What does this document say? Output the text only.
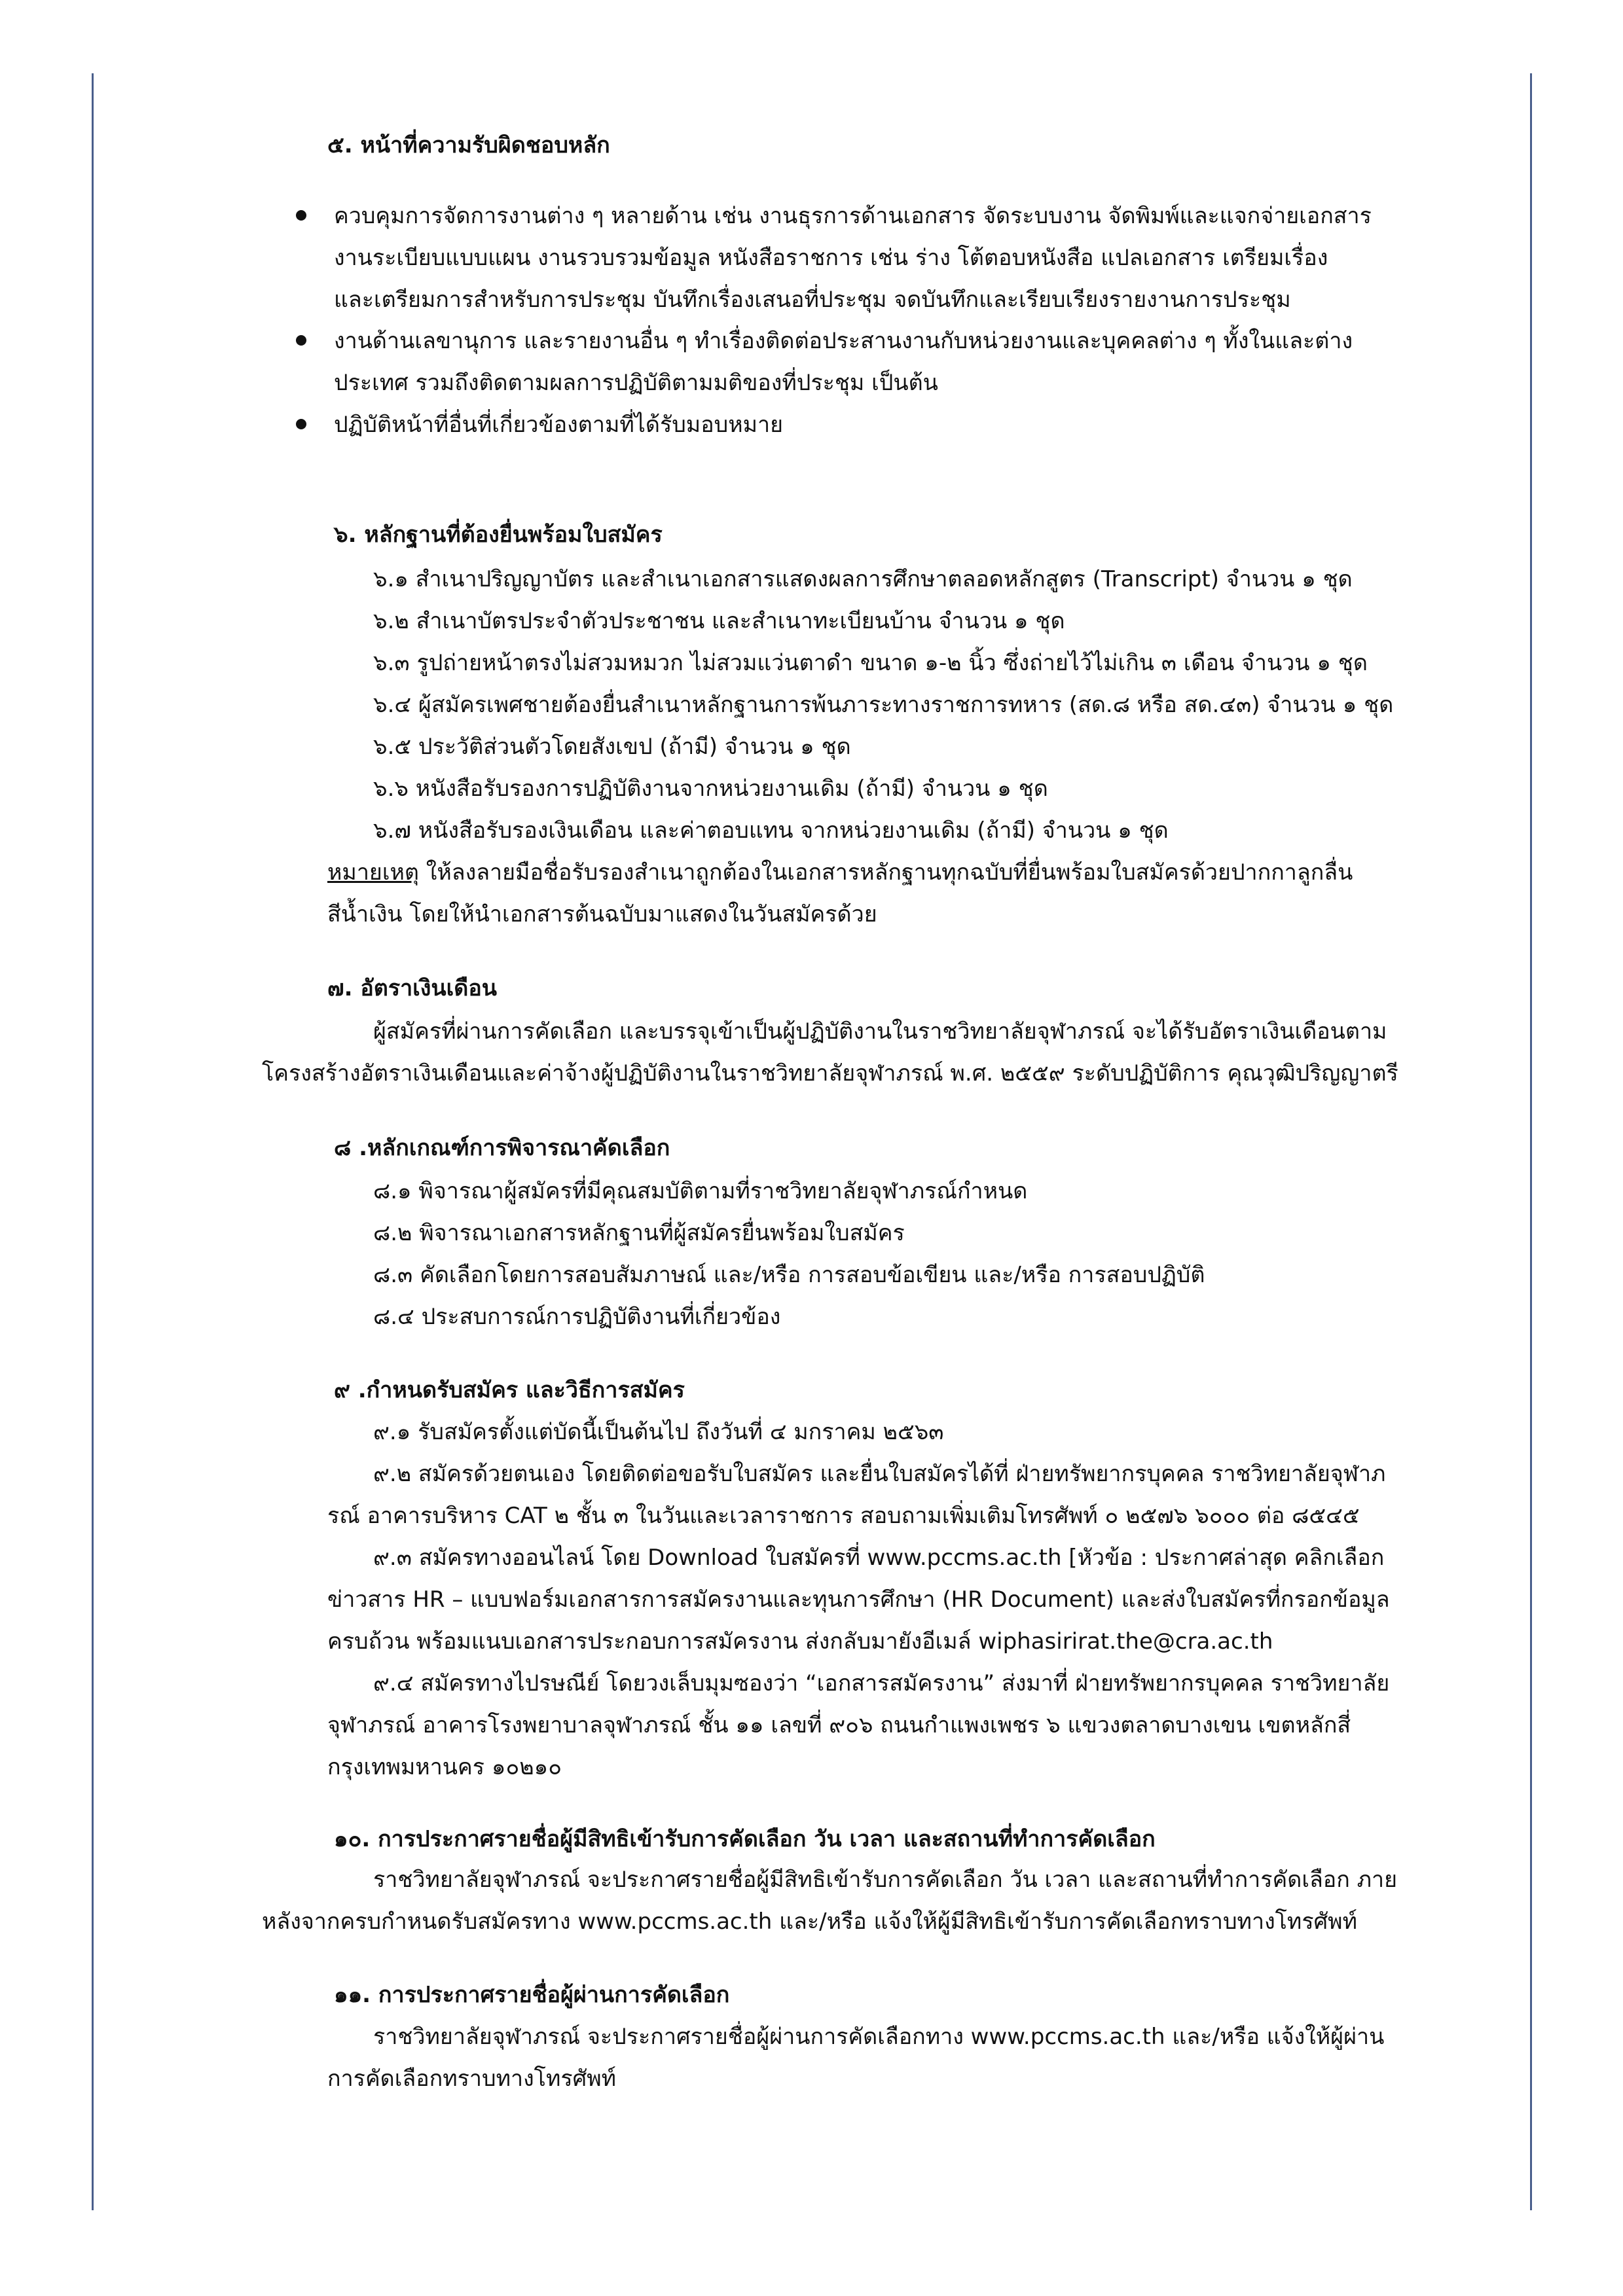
๕. หน้าที่ความรับผิดชอบหลัก
ควบคุมการจัดการงานต่าง ๆ หลายด้าน เช่น งานธุรการด้านเอกสาร จัดระบบงาน จัดพิมพ์และแจกจ่ายเอกสาร
งานระเบียบแบบแผน งานรวบรวมข้อมูล หนังสือราชการ เช่น ร่าง โต้ตอบหนังสือ แปลเอกสาร เตรียมเรื่อง
และเตรียมการสำหรับการประชุม บันทึกเรื่องเสนอที่ประชุม จดบันทึกและเรียบเรียงรายงานการประชุม
งานด้านเลขานุการ และรายงานอื่น ๆ ทำเรื่องติดต่อประสานงานกับหน่วยงานและบุคคลต่าง ๆ ทั้งในและต่าง
ประเทศ รวมถึงติดตามผลการปฏิบัติตามมติของที่ประชุม เป็นต้น
ปฏิบัติหน้าที่อื่นที่เกี่ยวข้องตามที่ได้รับมอบหมาย
๖. หลักฐานที่ต้องยื่นพร้อมใบสมัคร
๖.๑ สำเนาปริญญาบัตร และสำเนาเอกสารแสดงผลการศึกษาตลอดหลักสูตร (Transcript) จำนวน ๑ ชุด
๖.๒ สำเนาบัตรประจำตัวประชาชน และสำเนาทะเบียนบ้าน จำนวน ๑ ชุด
๖.๓ รูปถ่ายหน้าตรงไม่สวมหมวก ไม่สวมแว่นตาดำ ขนาด ๑-๒ นิ้ว ซึ่งถ่ายไว้ไม่เกิน ๓ เดือน จำนวน ๑ ชุด
๖.๔ ผู้สมัครเพศชายต้องยื่นสำเนาหลักฐานการพ้นภาระทางราชการทหาร (สด.๘ หรือ สด.๔๓) จำนวน ๑ ชุด
๖.๕ ประวัติส่วนตัวโดยสังเขป (ถ้ามี) จำนวน ๑ ชุด
๖.๖ หนังสือรับรองการปฏิบัติงานจากหน่วยงานเดิม (ถ้ามี) จำนวน ๑ ชุด
๖.๗ หนังสือรับรองเงินเดือน และค่าตอบแทน จากหน่วยงานเดิม (ถ้ามี) จำนวน ๑ ชุด
หมายเหตุ ให้ลงลายมือชื่อรับรองสำเนาถูกต้องในเอกสารหลักฐานทุกฉบับที่ยื่นพร้อมใบสมัครด้วยปากกาลูกลื่น
สีน้ำเงิน โดยให้นำเอกสารต้นฉบับมาแสดงในวันสมัครด้วย
๗. อัตราเงินเดือน
ผู้สมัครที่ผ่านการคัดเลือก และบรรจุเข้าเป็นผู้ปฏิบัติงานในราชวิทยาลัยจุฬาภรณ์ จะได้รับอัตราเงินเดือนตาม
โครงสร้างอัตราเงินเดือนและค่าจ้างผู้ปฏิบัติงานในราชวิทยาลัยจุฬาภรณ์ พ.ศ. ๒๕๕๙ ระดับปฏิบัติการ คุณวุฒิปริญญาตรี
๘ .หลักเกณฑ์การพิจารณาคัดเลือก
๘.๑ พิจารณาผู้สมัครที่มีคุณสมบัติตามที่ราชวิทยาลัยจุฬาภรณ์กำหนด
๘.๒ พิจารณาเอกสารหลักฐานที่ผู้สมัครยื่นพร้อมใบสมัคร
๘.๓ คัดเลือกโดยการสอบสัมภาษณ์ และ/หรือ การสอบข้อเขียน และ/หรือ การสอบปฏิบัติ
๘.๔ ประสบการณ์การปฏิบัติงานที่เกี่ยวข้อง
๙ .กำหนดรับสมัคร และวิธีการสมัคร
๙.๑ รับสมัครตั้งแต่บัดนี้เป็นต้นไป ถึงวันที่ ๔ มกราคม ๒๕๖๓
๙.๒ สมัครด้วยตนเอง โดยติดต่อขอรับใบสมัคร และยื่นใบสมัครได้ที่ ฝ่ายทรัพยากรบุคคล ราชวิทยาลัยจุฬาภ
รณ์ อาคารบริหาร CAT ๒ ชั้น ๓ ในวันและเวลาราชการ สอบถามเพิ่มเติมโทรศัพท์ ๐ ๒๕๗๖ ๖๐๐๐ ต่อ ๘๕๔๕
๙.๓ สมัครทางออนไลน์ โดย Download ใบสมัครที่ www.pccms.ac.th [หัวข้อ : ประกาศล่าสุด คลิกเลือก
ข่าวสาร HR – แบบฟอร์มเอกสารการสมัครงานและทุนการศึกษา (HR Document) และส่งใบสมัครที่กรอกข้อมูล
ครบถ้วน พร้อมแนบเอกสารประกอบการสมัครงาน ส่งกลับมายังอีเมล์ wiphasirirat.the@cra.ac.th
๙.๔ สมัครทางไปรษณีย์ โดยวงเล็บมุมซองว่า “เอกสารสมัครงาน” ส่งมาที่ ฝ่ายทรัพยากรบุคคล ราชวิทยาลัย
จุฬาภรณ์ อาคารโรงพยาบาลจุฬาภรณ์ ชั้น ๑๑ เลขที่ ๙๐๖ ถนนกำแพงเพชร ๖ แขวงตลาดบางเขน เขตหลักสี่
กรุงเทพมหานคร ๑๐๒๑๐
๑๐. การประกาศรายชื่อผู้มีสิทธิเข้ารับการคัดเลือก วัน เวลา และสถานที่ทำการคัดเลือก
ราชวิทยาลัยจุฬาภรณ์ จะประกาศรายชื่อผู้มีสิทธิเข้ารับการคัดเลือก วัน เวลา และสถานที่ทำการคัดเลือก ภาย
หลังจากครบกำหนดรับสมัครทาง www.pccms.ac.th และ/หรือ แจ้งให้ผู้มีสิทธิเข้ารับการคัดเลือกทราบทางโทรศัพท์
๑๑. การประกาศรายชื่อผู้ผ่านการคัดเลือก
ราชวิทยาลัยจุฬาภรณ์ จะประกาศรายชื่อผู้ผ่านการคัดเลือกทาง www.pccms.ac.th และ/หรือ แจ้งให้ผู้ผ่าน
การคัดเลือกทราบทางโทรศัพท์
